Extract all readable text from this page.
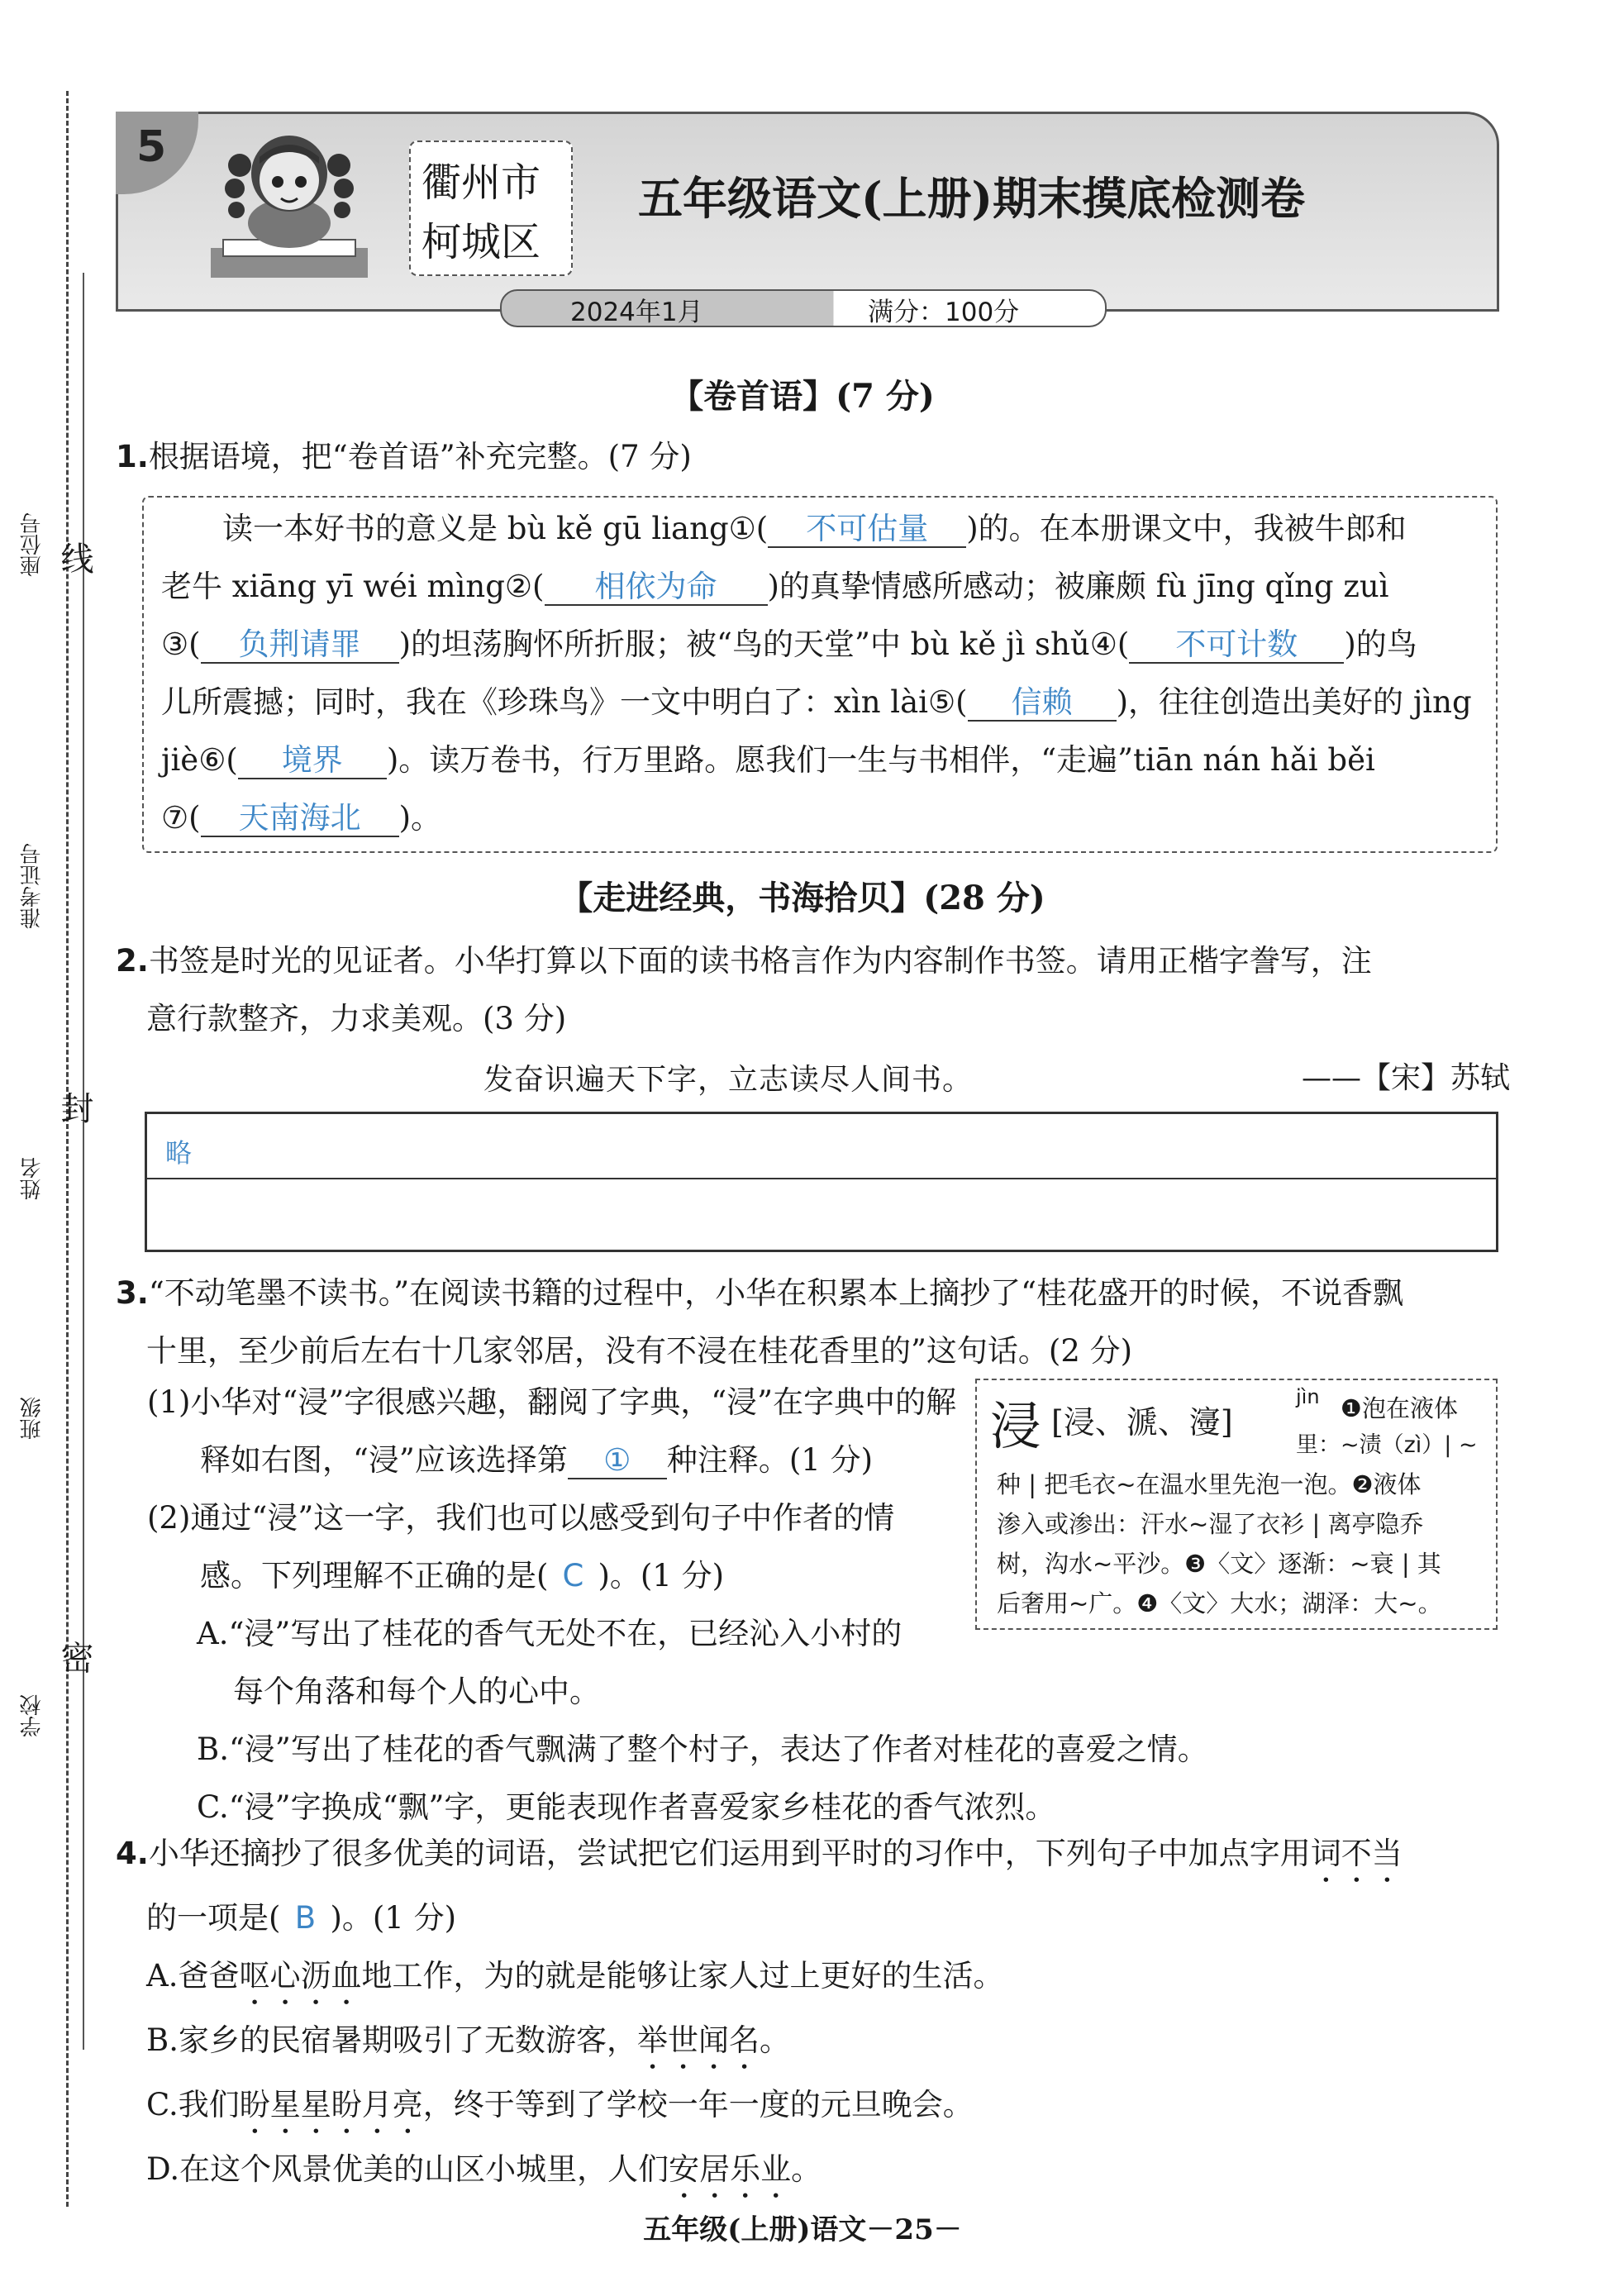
座位号 线
准考证号
姓名
封
班级
学校
密
5
衢州市
柯城区
五年级语文(上册)期末摸底检测卷
2024年1月	满分：100分
【卷首语】(7 分)
1.根据语境，把“卷首语”补充完整。(7 分)
读一本好书的意义是 bù kě gū liang①( 不可估量 )的。在本册课文中，我被牛郎和
老牛 xiāng yī wéi mìng②( 相依为命 )的真挚情感所感动；被廉颇 fù jīng qǐng zuì
③( 负荆请罪 )的坦荡胸怀所折服；被“鸟的天堂”中 bù kě jì shǔ④( 不可计数 )的鸟
儿所震撼；同时，我在《珍珠鸟》一文中明白了：xìn lài⑤( 信赖 )，往往创造出美好的 jìng
jiè⑥( 境界 )。读万卷书，行万里路。愿我们一生与书相伴，“走遍”tiān nán hǎi běi
⑦( 天南海北 )。
【走进经典，书海拾贝】(28 分)
2.书签是时光的见证者。小华打算以下面的读书格言作为内容制作书签。请用正楷字誊写，注
意行款整齐，力求美观。(3 分)
发奋识遍天下字，立志读尽人间书。	——【宋】苏轼
略
3.“不动笔墨不读书。”在阅读书籍的过程中，小华在积累本上摘抄了“桂花盛开的时候，不说香飘
十里，至少前后左右十几家邻居，没有不浸在桂花香里的”这句话。(2 分)
(1)小华对“浸”字很感兴趣，翻阅了字典，“浸”在字典中的解
释如右图，“浸”应该选择第 ① 种注释。(1 分)
(2)通过“浸”这一字，我们也可以感受到句子中作者的情
感。下列理解不正确的是( C )。(1 分)
A.“浸”写出了桂花的香气无处不在，已经沁入小村的
每个角落和每个人的心中。
B.“浸”写出了桂花的香气飘满了整个村子，表达了作者对桂花的喜爱之情。
C.“浸”字换成“飘”字，更能表现作者喜爱家乡桂花的香气浓烈。
浸 [浸、㴲、濅]
jìn ❶泡在液体
里：~渍（zì）| ~
种 | 把毛衣~在温水里先泡一泡。❷液体
渗入或渗出：汗水~湿了衣衫 | 离亭隐乔
树，沟水~平沙。❸〈文〉逐渐：~衰 | 其
后奢用~广。❹〈文〉大水；湖泽：大~。
4.小华还摘抄了很多优美的词语，尝试把它们运用到平时的习作中，下列句子中加点字用词不当
的一项是( B )。(1 分)
A.爸爸呕心沥血地工作，为的就是能够让家人过上更好的生活。
B.家乡的民宿暑期吸引了无数游客，举世闻名。
C.我们盼星星盼月亮，终于等到了学校一年一度的元旦晚会。
D.在这个风景优美的山区小城里，人们安居乐业。
五年级(上册)语文－25－
